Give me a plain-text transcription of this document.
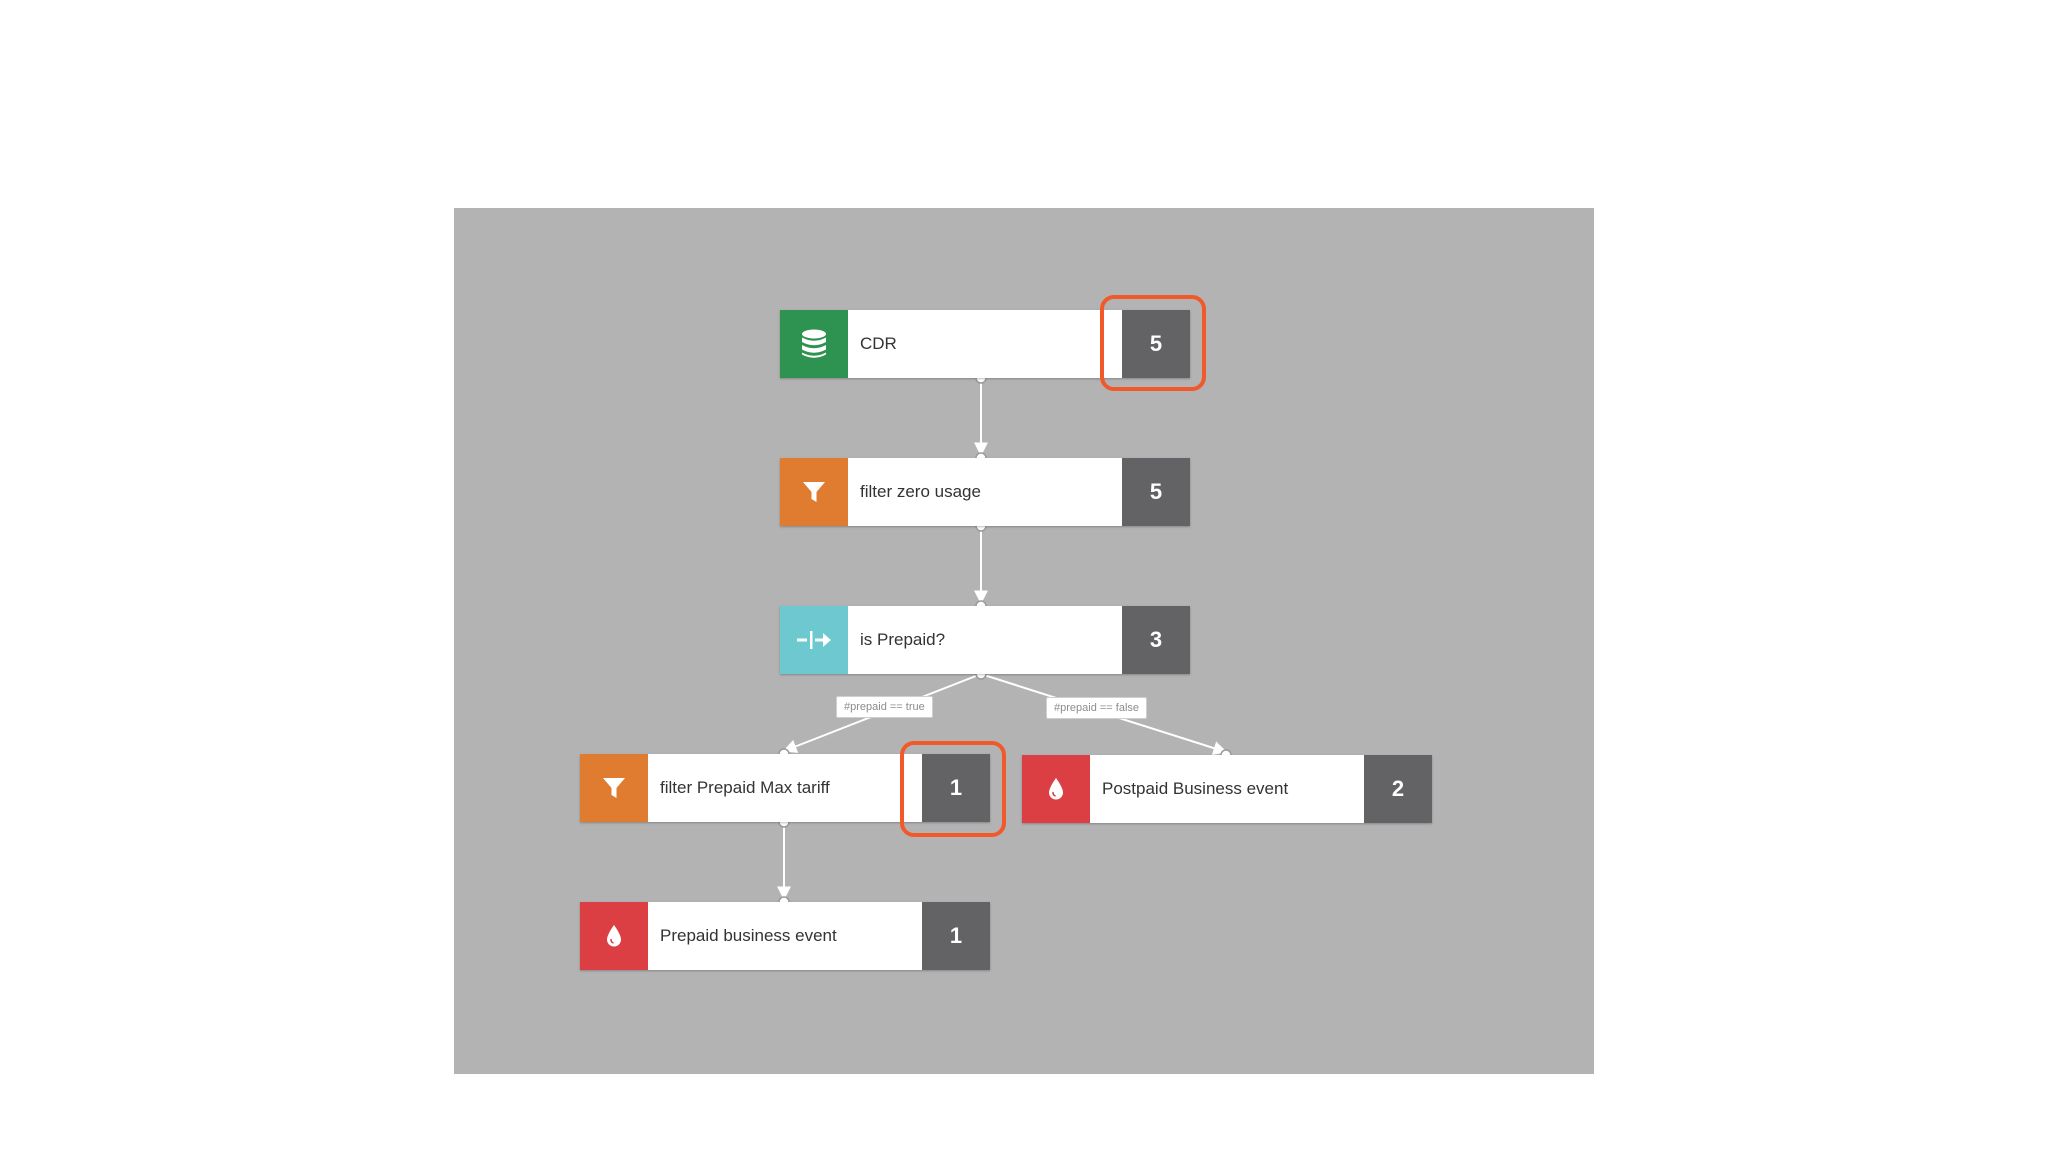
CDR	5
filter zero usage	5
is Prepaid?	3
filter Prepaid Max tariff	1	Postpaid Business event	2
Prepaid business event	1
#prepaid == true	#prepaid == false
